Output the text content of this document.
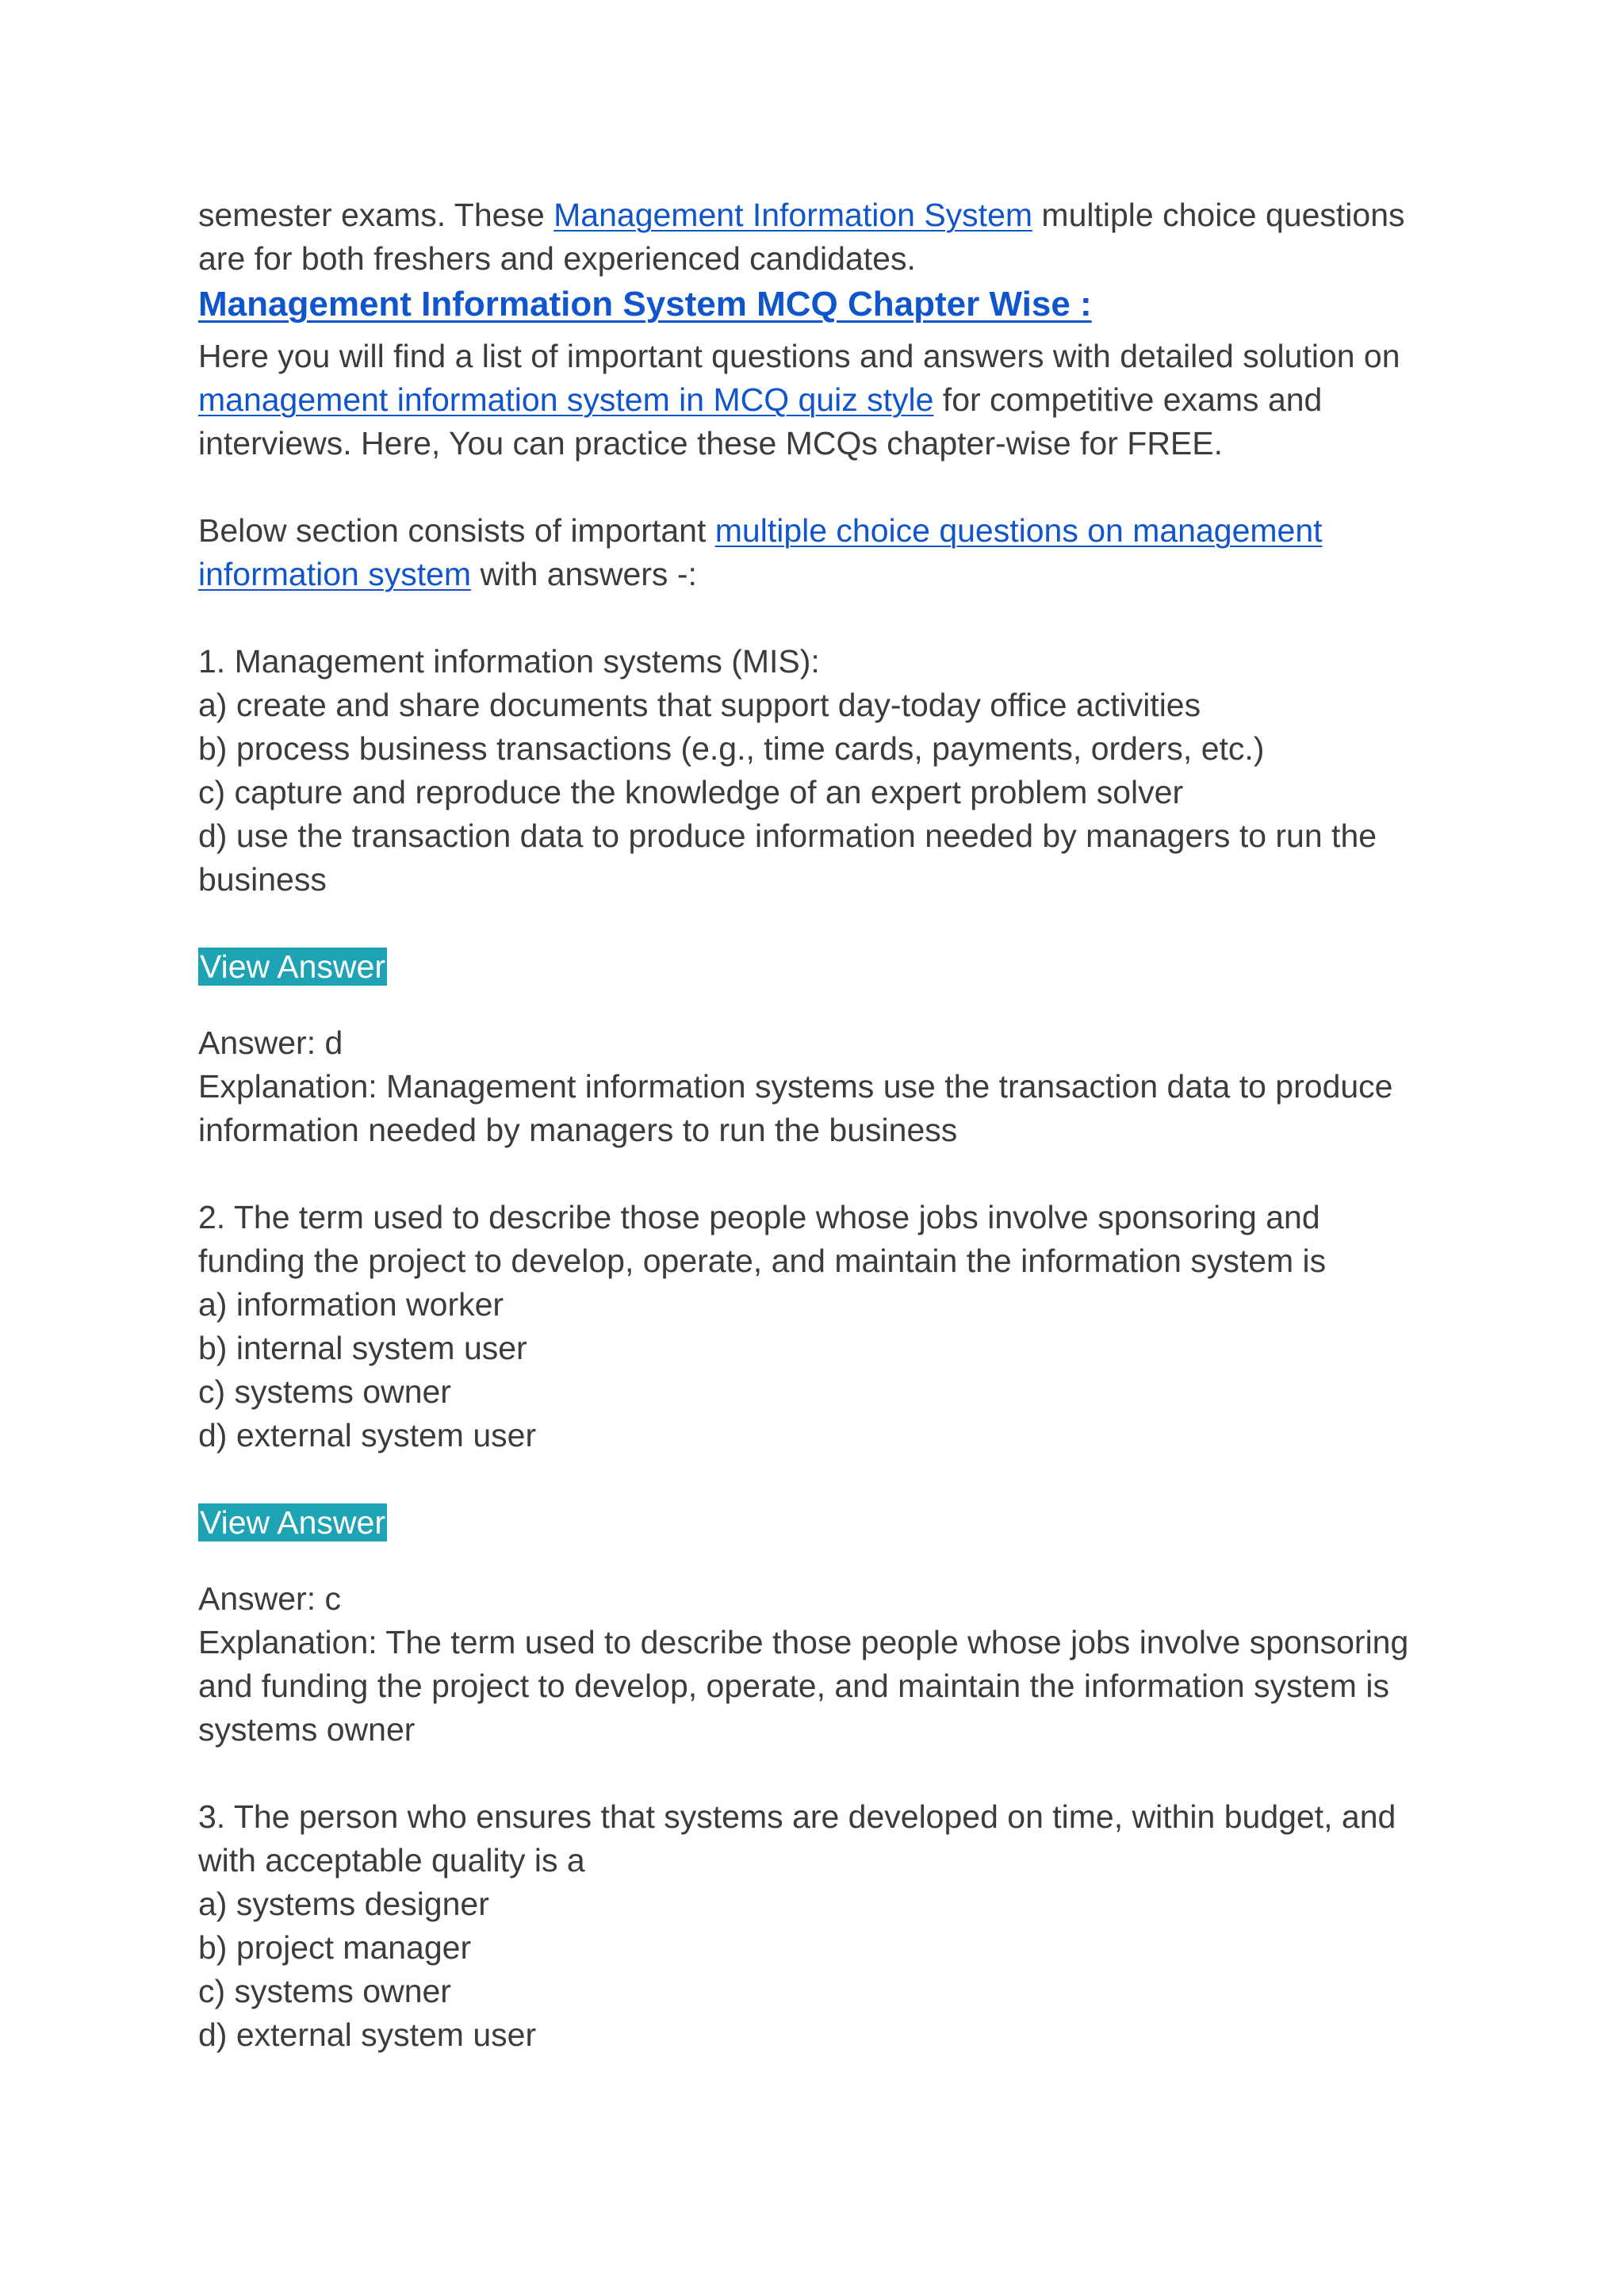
semester exams. These Management Information System multiple choice questions are for both freshers and experienced candidates.

Management Information System MCQ Chapter Wise :

Here you will find a list of important questions and answers with detailed solution on management information system in MCQ quiz style for competitive exams and interviews. Here, You can practice these MCQs chapter-wise for FREE.

Below section consists of important multiple choice questions on management information system with answers -:

1. Management information systems (MIS):
a) create and share documents that support day-today office activities
b) process business transactions (e.g., time cards, payments, orders, etc.)
c) capture and reproduce the knowledge of an expert problem solver
d) use the transaction data to produce information needed by managers to run the business
View Answer
Answer: d
Explanation: Management information systems use the transaction data to produce information needed by managers to run the business
2. The term used to describe those people whose jobs involve sponsoring and funding the project to develop, operate, and maintain the information system is
a) information worker
b) internal system user
c) systems owner
d) external system user
View Answer
Answer: c
Explanation: The term used to describe those people whose jobs involve sponsoring and funding the project to develop, operate, and maintain the information system is systems owner
3. The person who ensures that systems are developed on time, within budget, and with acceptable quality is a
a) systems designer
b) project manager
c) systems owner
d) external system user
